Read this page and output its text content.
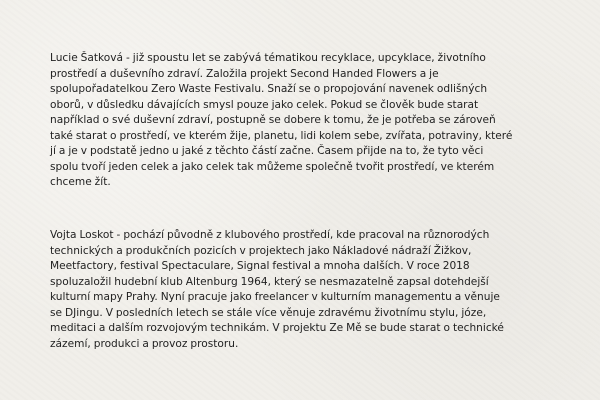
Lucie Šatková - již spoustu let se zabývá tématikou recyklace, upcyklace, životního
prostředí a duševního zdraví. Založila projekt Second Handed Flowers a je
spolupořadatelkou Zero Waste Festivalu. Snaží se o propojování navenek odlišných
oborů, v důsledku dávajících smysl pouze jako celek. Pokud se člověk bude starat
například o své duševní zdraví, postupně se dobere k tomu, že je potřeba se zároveň
také starat o prostředí, ve kterém žije, planetu, lidi kolem sebe, zvířata, potraviny, které
jí a je v podstatě jedno u jaké z těchto částí začne. Časem přijde na to, že tyto věci
spolu tvoří jeden celek a jako celek tak můžeme společně tvořit prostředí, ve kterém
chceme žít.

Vojta Loskot - pochází původně z klubového prostředí, kde pracoval na různorodých
technických a produkčních pozicích v projektech jako Nákladové nádraží Žižkov,
Meetfactory, festival Spectaculare, Signal festival a mnoha dalších. V roce 2018
spoluzaložil hudební klub Altenburg 1964, který se nesmazatelně zapsal dotehdejší
kulturní mapy Prahy. Nyní pracuje jako freelancer v kulturním managementu a věnuje
se DJingu. V posledních letech se stále více věnuje zdravému životnímu stylu, józe,
meditaci a dalším rozvojovým technikám. V projektu Ze Mě se bude starat o technické
zázemí, produkci a provoz prostoru.
